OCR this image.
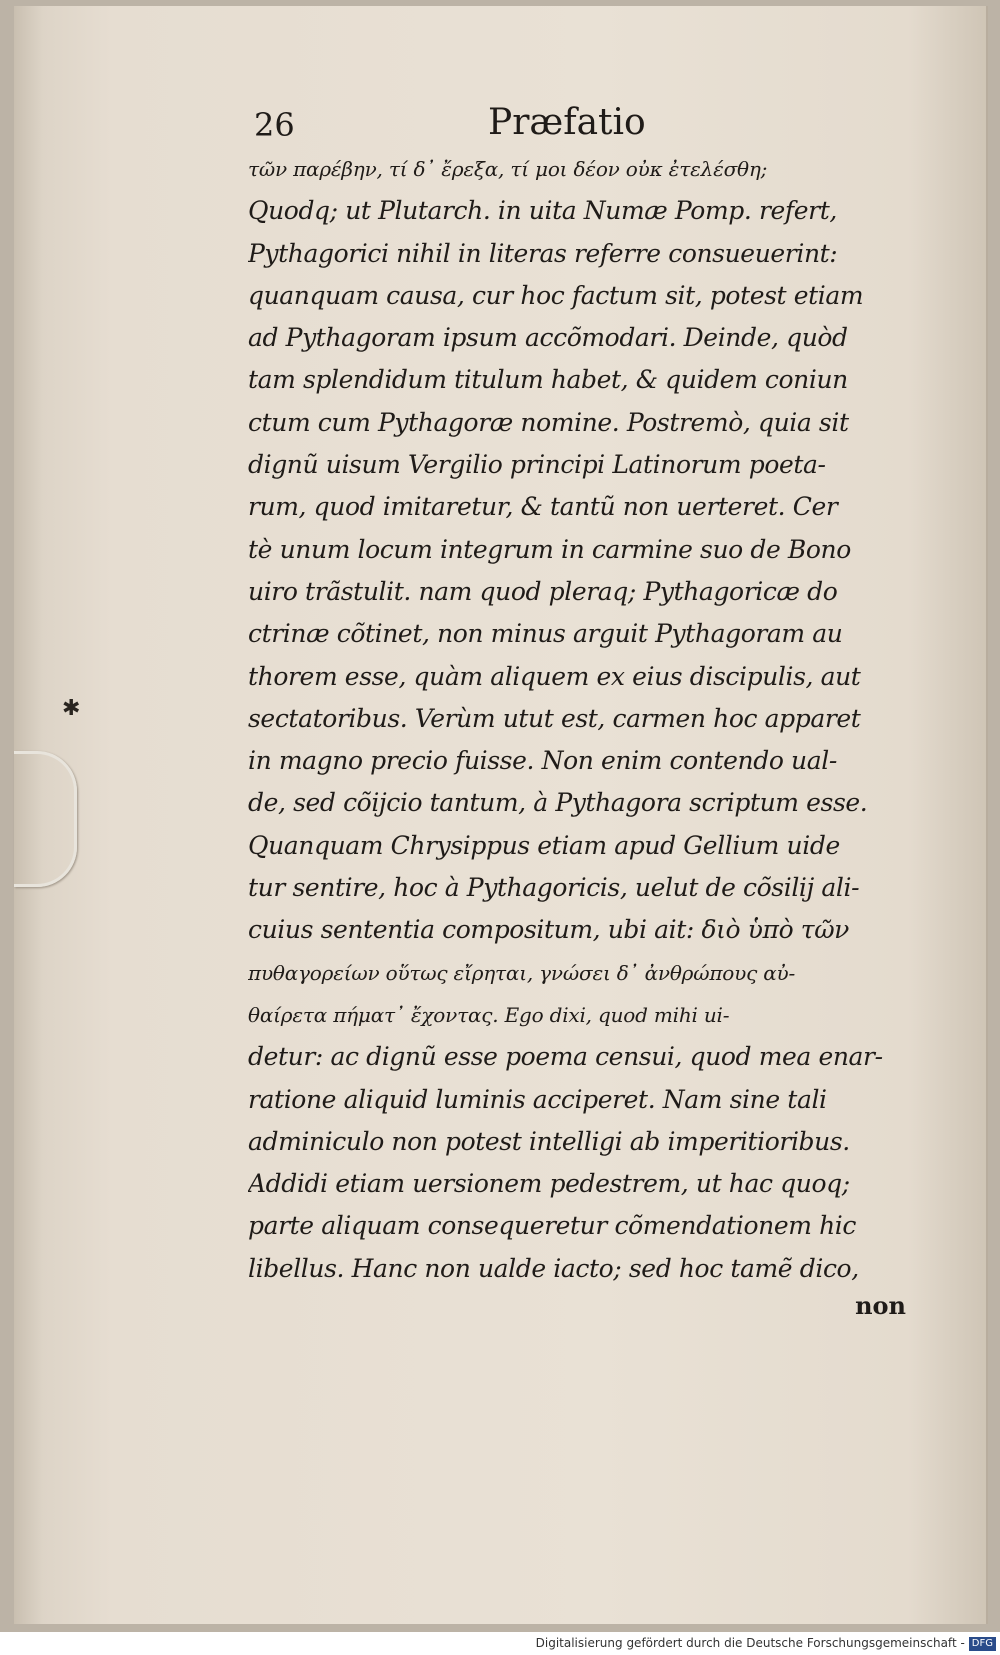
✱
26	Præfatio
τῶν παρέβην, τί δ᾽ ἔρεξα, τί μοι δέον οὐκ ἐτελέσθη;
Quodq; ut Plutarch. in uita Numæ Pomp. refert,
Pythagorici nihil in literas referre consueuerint:
quanquam causa, cur hoc factum sit, potest etiam
ad Pythagoram ipsum accõmodari. Deinde, quòd
tam splendidum titulum habet, & quidem coniun
ctum cum Pythagoræ nomine. Postremò, quia sit
dignũ uisum Vergilio principi Latinorum poeta-
rum, quod imitaretur, & tantũ non uerteret. Cer
tè unum locum integrum in carmine suo de Bono
uiro trãstulit. nam quod pleraq; Pythagoricæ do
ctrinæ cõtinet, non minus arguit Pythagoram au
thorem esse, quàm aliquem ex eius discipulis, aut
sectatoribus. Verùm utut est, carmen hoc apparet
in magno precio fuisse. Non enim contendo ual-
de, sed cõijcio tantum, à Pythagora scriptum esse.
Quanquam Chrysippus etiam apud Gellium uide
tur sentire, hoc à Pythagoricis, uelut de cõsilij ali-
cuius sententia compositum, ubi ait: διὸ ὑπὸ τῶν
πυθαγορείων οὕτως εἴρηται, γνώσει δ᾽ ἀνθρώπους αὐ-
θαίρετα πήματ᾽ ἔχοντας. Ego dixi, quod mihi ui-
detur: ac dignũ esse poema censui, quod mea enar-
ratione aliquid luminis acciperet. Nam sine tali
adminiculo non potest intelligi ab imperitioribus.
Addidi etiam uersionem pedestrem, ut hac quoq;
parte aliquam consequeretur cõmendationem hic
libellus. Hanc non ualde iacto; sed hoc tamẽ dico,
non
Digitalisierung gefördert durch die Deutsche Forschungsgemeinschaft - DFG
